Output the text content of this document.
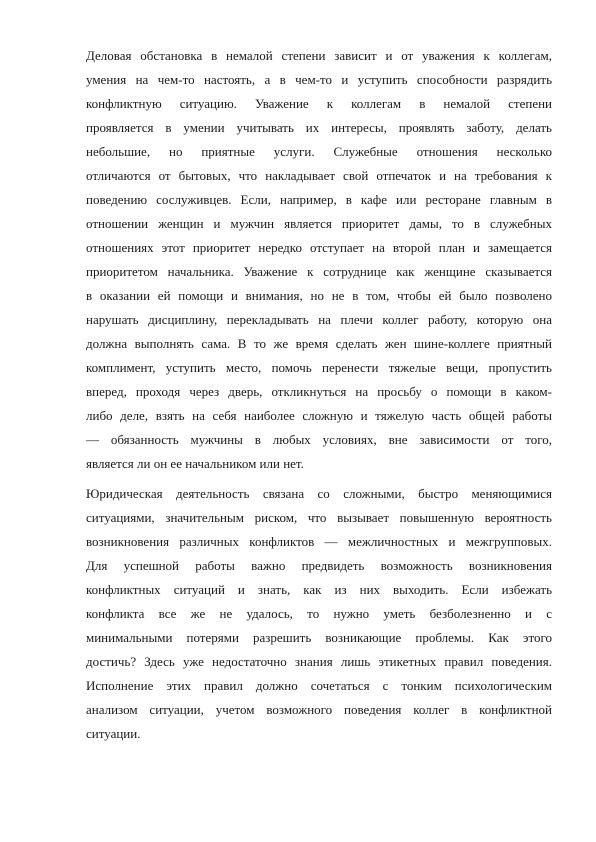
Деловая обстановка в немалой степени зависит и от уважения к коллегам,
умения на чем-то настоять, а в чем-то и уступить способности разрядить
конфликтную ситуацию. Уважение к коллегам в немалой степени
проявляется в умении учитывать их интересы, проявлять заботу, делать
небольшие, но приятные услуги. Служебные отношения несколько
отличаются от бытовых, что накладывает свой отпечаток и на требования к
поведению сослуживцев. Если, например, в кафе или ресторане главным в
отношении женщин и мужчин является приоритет дамы, то в служебных
отношениях этот приоритет нередко отступает на второй план и замещается
приоритетом начальника. Уважение к сотруднице как женщине сказывается
в оказании ей помощи и внимания, но не в том, чтобы ей было позволено
нарушать дисциплину, перекладывать на плечи коллег работу, которую она
должна выполнять сама. В то же время сделать жен шине-коллеге приятный
комплимент, уступить место, помочь перенести тяжелые вещи, пропустить
вперед, проходя через дверь, откликнуться на просьбу о помощи в каком-
либо деле, взять на себя наиболее сложную и тяжелую часть общей работы
— обязанность мужчины в любых условиях, вне зависимости от того,
является ли он ее начальником или нет.
Юридическая деятельность связана со сложными, быстро меняющимися
ситуациями, значительным риском, что вызывает повышенную вероятность
возникновения различных конфликтов — межличностных и межгрупповых.
Для успешной работы важно предвидеть возможность возникновения
конфликтных ситуаций и знать, как из них выходить. Если избежать
конфликта все же не удалось, то нужно уметь безболезненно и с
минимальными потерями разрешить возникающие проблемы. Как этого
достичь? Здесь уже недостаточно знания лишь этикетных правил поведения.
Исполнение этих правил должно сочетаться с тонким психологическим
анализом ситуации, учетом возможного поведения коллег в конфликтной
ситуации.
